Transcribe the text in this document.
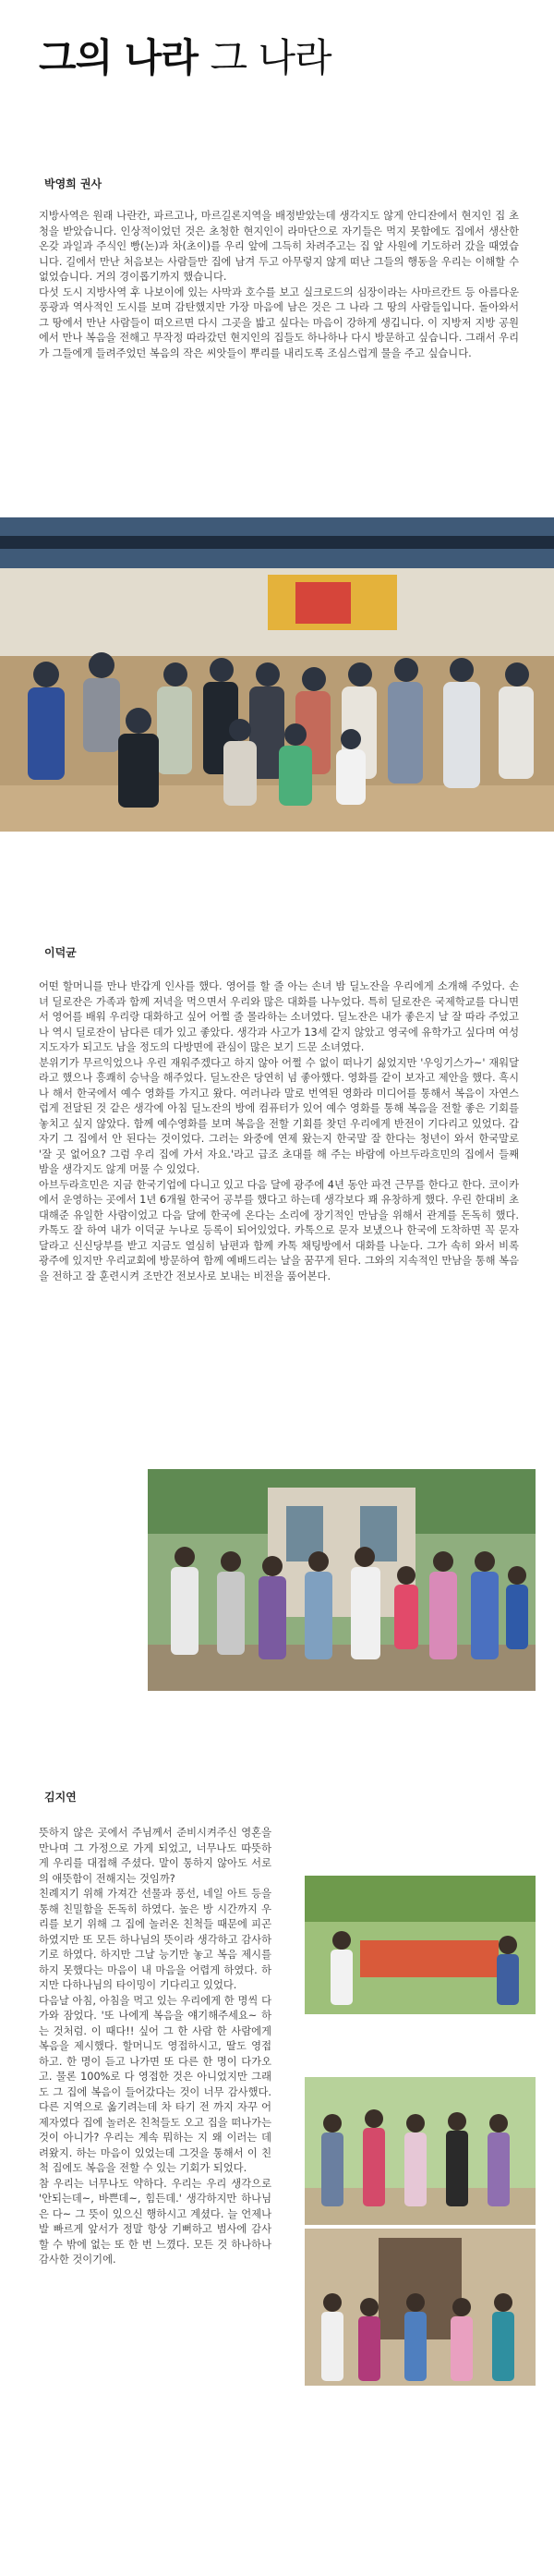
그의 나라 그 나라
박영희 권사

지방사역은 원래 나란칸, 파르고나, 마르길론지역을 배정받았는데 생각지도 않게 안디잔에서 현지인 집 초청을 받았습니다. 인상적이었던 것은 초청한 현지인이 라마단으로 자기들은 먹지 못함에도 집에서 생산한 온갖 과일과 주식인 빵(논)과 차(초이)를 우리 앞에 그득히 차려주고는 집 앞 사원에 기도하러 갔을 때였습니다. 길에서 만난 처음보는 사람들만 집에 남겨 두고 아무렇지 않게 떠난 그들의 행동을 우리는 이해할 수 없었습니다. 거의 경이롭기까지 했습니다.

다섯 도시 지방사역 후 나보이에 있는 사막과 호수를 보고 실크로드의 심장이라는 사마르칸트 등 아름다운 풍광과 역사적인 도시를 보며 감탄했지만 가장 마음에 남은 것은 그 나라 그 땅의 사람들입니다. 돌아와서 그 땅에서 만난 사람들이 떠오르면 다시 그곳을 밟고 싶다는 마음이 강하게 생깁니다. 이 지방저 지방 공원에서 만나 복음을 전해고 무작정 따라갔던 현지인의 집들도 하나하나 다시 방문하고 싶습니다. 그래서 우리가 그들에게 들려주었던 복음의 작은 씨앗들이 뿌리를 내리도록 조심스럽게 물을 주고 싶습니다.

이덕균

어떤 할머니를 만나 반갑게 인사를 했다. 영어를 할 줄 아는 손녀 밤 딜노잔을 우리에게 소개해 주었다. 손녀 딜로잔은 가족과 함께 저녁을 먹으면서 우리와 많은 대화를 나누었다. 특히 딜로잔은 국제학교를 다니면서 영어를 배워 우리랑 대화하고 싶어 어쩔 줄 몰라하는 소녀였다. 딜노잔은 내가 좋은지 날 잘 따라 주었고 나 역시 딜로잔이 남다른 데가 있고 좋았다. 생각과 사고가 13세 같지 않았고 영국에 유학가고 싶다며 여성 지도자가 되고도 남을 정도의 다방면에 관심이 많은 보기 드문 소녀였다.

분위기가 무르익었으나 우린 재워주겠다고 하지 않아 어쩔 수 없이 떠나기 싫었지만 '우잉기스가~' 재워달라고 했으나 흥쾌히 승낙을 해주었다. 딜노잔은 당연히 넘 좋아했다. 영화를 같이 보자고 제안을 했다. 흑시나 해서 한국에서 예수 영화를 가지고 왔다. 여러나라 말로 번역된 영화라 미디어를 통해서 복음이 자연스럽게 전달된 것 같은 생각에 아침 딜노잔의 방에 컴퓨터가 있어 예수 영화를 통해 복음을 전할 좋은 기회를 놓치고 싶지 않았다. 함께 예수영화를 보며 복음을 전할 기회를 찾던 우리에게 반전이 기다리고 있었다. 갑자기 그 집에서 안 된다는 것이었다. 그러는 와중에 연제 왔는지 한국말 잘 한다는 청년이 와서 한국말로 '잘 곳 없어요? 그럼 우리 집에 가서 자요.'라고 급조 초대를 해 주는 바람에 아브두라흐민의 집에서 들째 밤을 생각지도 않게 머물 수 있었다.

아브두라흐민은 지금 한국기업에 다니고 있고 다음 달에 광주에 4년 동안 파견 근무를 한다고 한다. 코이카에서 운영하는 곳에서 1년 6개월 한국어 공부를 했다고 하는데 생각보다 꽤 유창하게 했다. 우린 한대비 초대해준 유일한 사람이었고 다음 달에 한국에 온다는 소리에 장기적인 만남을 위해서 관계를 돈독히 했다. 카톡도 잘 하여 내가 이덕균 누나로 등록이 되어있었다. 카톡으로 문자 보냈으나 한국에 도착하면 꼭 문자달라고 신신당부를 받고 지금도 열심히 남편과 함께 카톡 채팅방에서 대화를 나눈다. 그가 속히 와서 비록 광주에 있지만 우리교회에 방문하여 함께 예배드리는 날을 꿈꾸게 된다. 그와의 지속적인 만남을 통해 복음을 전하고 잘 훈련시켜 조만간 전보사로 보내는 비전을 품어본다.

김지연

뜻하지 않은 곳에서 주님께서 준비시켜주신 영혼을 만나며 그 가정으로 가게 되었고, 너무나도 따뜻하게 우리를 대접해 주셨다. 말이 통하지 않아도 서로의 애뜻함이 전해지는 것임까?

친례지기 위해 가져간 선물과 풍선, 네일 아트 등을 통해 친밀함을 돈독히 하였다. 높은 방 시간까지 우리를 보기 위해 그 집에 놀러온 친척들 때문에 피곤하였지만 또 모든 하나님의 뜻이라 생각하고 감사하기로 하였다. 하지만 그날 능기만 놓고 복음 제시를 하지 못했다는 마음이 내 마음을 어렵게 하였다. 하지만 다하나님의 타이밍이 기다리고 있었다.

다음날 아침, 아침을 먹고 있는 우리에게 한 명씩 다가와 잠었다. '또 나에게 복음을 얘기해주세요~ 하는 것처럼. 이 때다!! 싶어 그 한 사람 한 사람에게 복음을 제시했다. 할머니도 영접하시고, 딸도 영접하고. 한 명이 듣고 나가면 또 다른 한 명이 다가오고. 물론 100%로 다 영접한 것은 아니었지만 그래도 그 집에 복음이 들어갔다는 것이 너무 감사했다. 다른 지역으로 옮기려는데 차 타기 전 까지 자꾸 어 제자였다 집에 놀러온 친척들도 오고 집을 떠나가는 것이 아니가? 우리는 계속 뭐하는 지 왜 이러는 데려왔지. 하는 마음이 있었는데 그것을 통해서 이 친척 집에도 복음을 전할 수 있는 기회가 되었다.

참 우리는 너무나도 약하다. 우리는 우리 생각으로 '안되는데~, 바쁜데~, 힘든데.' 생각하지만 하나님은 다~ 그 뜻이 있으신 행하시고 계셨다. 늘 언제나 발 빠르게 앞서가 정말 항상 기뻐하고 범사에 감사할 수 밖에 없는 또 한 번 느꼈다. 모든 것 하나하나 감사한 것이기에.
